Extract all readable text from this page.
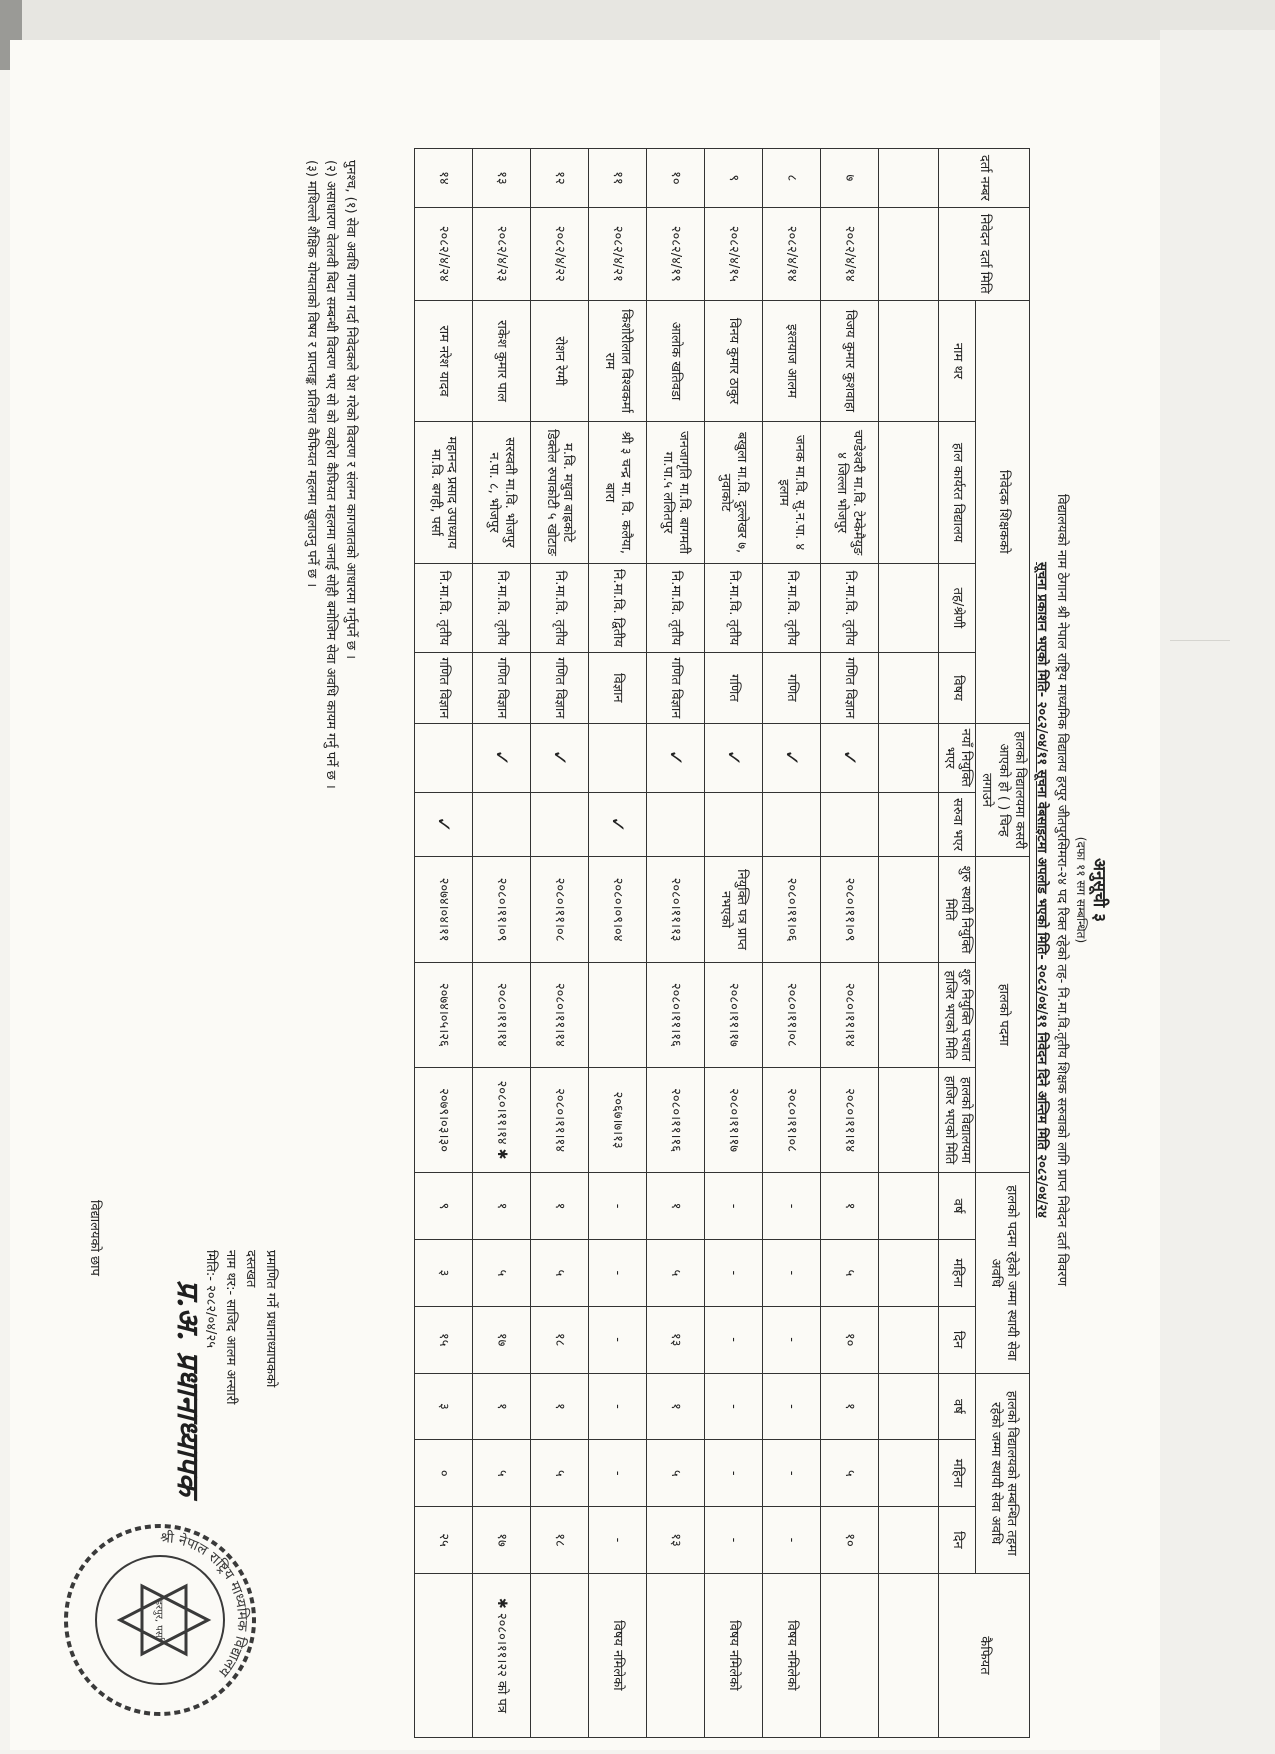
अनुसूची ३
(दफा ११ सग सम्बन्धित)
विद्यालयको नाम ठेगाना श्री नेपाल राष्ट्रिय माध्यमिक विद्यालय हरपुर जीतपुरसिमरा-२४ पद रिक्त रहेको तह- नि.मा.वि.तृतीय शिक्षक सरुवाको लागि प्राप्त निवेदन दर्ता विवरण
सूचना प्रकाशन भएको मिति- २०८२/०४/११ सूचना वेबसाइटमा अपलोड भएको मिति- २०८२/०४/११ निवेदन दिने अन्तिम मिति २०८२/०४/२४
दर्ता नम्बर	निवेदन दर्ता मिति	निवेदक शिक्षकको				हालको विद्यालयमा कसरी आएको हो ( ) चिन्ह लगाउने		हालको पदमा			हालको पदमा रहेको जम्मा स्थायी सेवा अवधि			हालको विद्यालयको सम्बन्धित तहमा रहेको जम्मा स्थायी सेवा अवधि			कैफियत
		नाम थर	हाल कार्यरत विद्यालय	तह/श्रेणी	विषय	नयाँ नियुक्ति भएर	सरुवा भएर	शुरु स्थायी नियुक्ति मिति	शुरु नियुक्ति पश्चात हाजिर भएको मिति	हालको विद्यालयमा हाजिर भएको मिति	वर्ष	महिना	दिन	वर्ष	महिना	दिन	

७	२०८२/४/१४	विजय कुमार कुशवाहा	चण्डेश्वरी मा.वि. टेम्केमैयुङ ४ जिल्ला भोजपुर	नि.मा.वि. तृतीय	गणित विज्ञान	✓		२०८०।११।०९	२०८०।११।१४	२०८०।११।१४	१	५	१०	१	५	१०	
८	२०८२/४/१४	इश्तयाज आलम	जनक मा.वि. सु.न.पा. ४ इलाम	नि.मा.वि. तृतीय	गणित	✓		२०८०।११।०६	२०८०।११।०८	२०८०।११।०८	-	-	-	-	-	-	विषय नमिलेको
९	२०८२/४/१५	विनय कुमार ठाकुर	बखुला मा.वि. दुल्लेखर ७, नुवाकोट	नि.मा.वि. तृतीय	गणित	✓		नियुक्ति पत्र प्राप्त नभएको	२०८०।११।१७	२०८०।११।१७	-	-	-	-	-	-	विषय नमिलेको
१०	२०८२/४/१९	आलोक खतिवडा	जनजागृति मा.वि. बागमती गा.पा.५ ललितपुर	नि.मा.वि. तृतीय	गणित विज्ञान	✓		२०८०।११।१३	२०८०।११।१६	२०८०।११।१६	१	५	१३	१	५	१३	
११	२०८२/४/२१	किशोरीलाल विश्वकर्मा राम	श्री ३ चन्द्र मा. वि. कलैया, बारा	नि.मा.वि. द्वितीय	विज्ञान		✓	२०८०।०९।०४		२०६७।७।१३	-	-	-	-	-	-	विषय नमिलेको
१२	२०८२/४/२२	रोशन रेग्मी	म.वि. मधुवा बाह्रकोटे डिक्तेल रुपाकोटी ५ खोटाङ	नि.मा.वि. तृतीय	गणित विज्ञान	✓		२०८०।११।०८	२०८०।११।१४	२०८०।११।१४	१	५	१८	१	५	१८	
१३	२०८२/४/२३	राकेश कुमार पाल	सरस्वती मा.वि. भोजपुर न.पा. ८, भोजपुर	नि.मा.वि. तृतीय	गणित विज्ञान	✓		२०८०।११।०९	२०८०।११।१४	२०८०।११।१४ ✱	१	५	१७	१	५	१७	✱ २०८०।११।२२ को पत्र
१४	२०८२/४/२४	राम नरेश यादव	महानन्द प्रसाद उपाध्याय मा.वि. बगही, पर्सा	नि.मा.वि. तृतीय	गणित विज्ञान		✓	२०७४।०४।११	२०७४।०५।२६	२०७९।०३।३०	९	३	१५	३	०	२५	
पुनश्च, (१) सेवा अवधि गणना गर्दा निवेदकले पेश गरेको विवरण र संलग्न कागजातको आधारमा गर्नुपर्ने छ ।
(२) असाधारण वेतलवी बिदा सम्बन्धी विवरण भए सो को व्यहोरा कैफियत महलमा जनाई सोही बमोजिम सेवा अवधि कायम गर्नु पर्ने छ ।
(३) माथिल्लो शैक्षिक योग्यताको विषय र प्राप्ताङ्क प्रतिशत कैफियत महलमा खुलाउनु पर्ने छ ।
प्रमाणित गर्ने प्रधानाध्यापकको
दस्तखत
नाम थर:- साजिद आलम अन्सारी
मिति:- २०८२/०४/२५
प्र.अ. प्रधानाध्यापक
विद्यालयको छाप
श्री नेपाल राष्ट्रिय माध्यमिक विद्यालय
हरपुर, पर्सा
